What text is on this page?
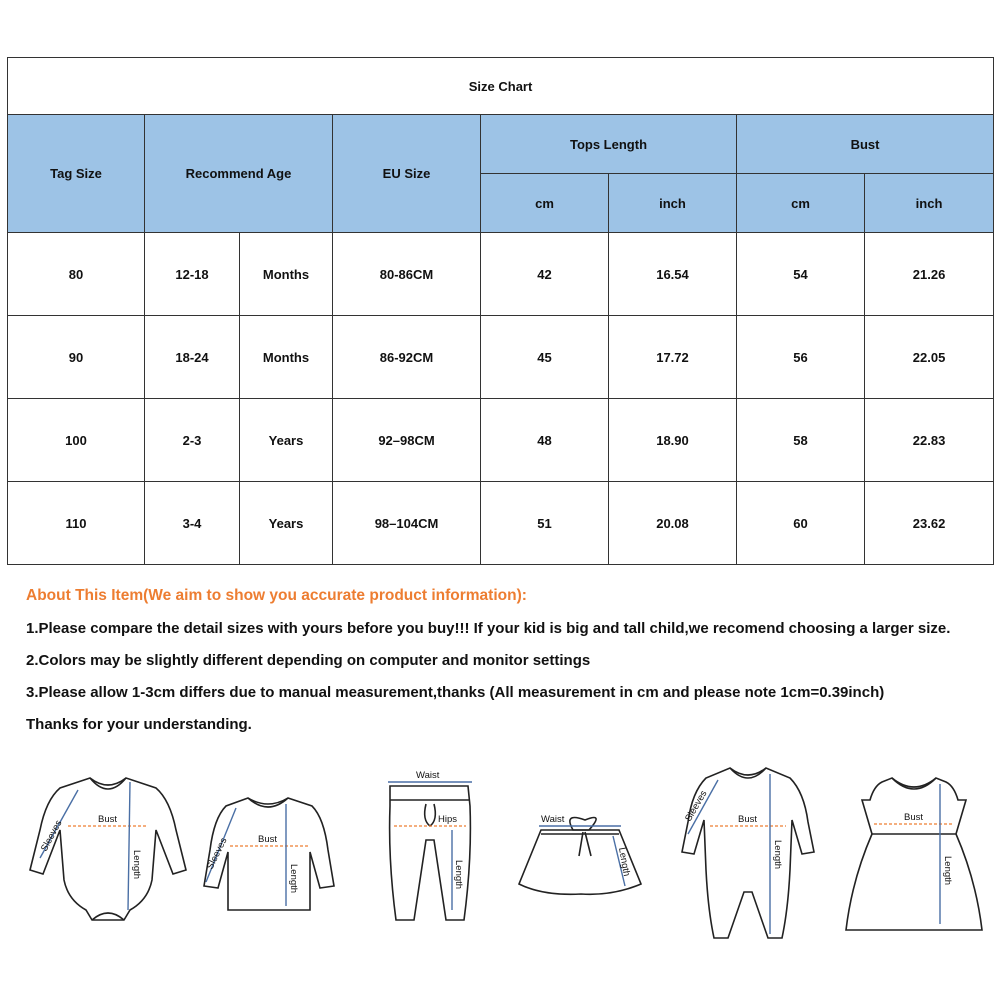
Size Chart							
Tag Size	Recommend Age		EU Size	Tops Length		Bust	
				cm	inch	cm	inch
80	12-18	Months	80-86CM	42	16.54	54	21.26
90	18-24	Months	86-92CM	45	17.72	56	22.05
100	2-3	Years	92–98CM	48	18.90	58	22.83
110	3-4	Years	98–104CM	51	20.08	60	23.62

About This Item(We aim to show you accurate product information):

1.Please compare the detail sizes with yours before you buy!!! If your kid is big and tall child,we recomend choosing a larger size.

2.Colors may be slightly different depending on computer and monitor settings

3.Please allow 1-3cm differs due to manual measurement,thanks (All measurement in cm and please note 1cm=0.39inch)

Thanks for your understanding.

Bust
Length
Sleeves	Bust
Length
Sleeves
Waist
Hips
Length
Waist
Length
Bust
Length
Sleeves	Bust
Length
